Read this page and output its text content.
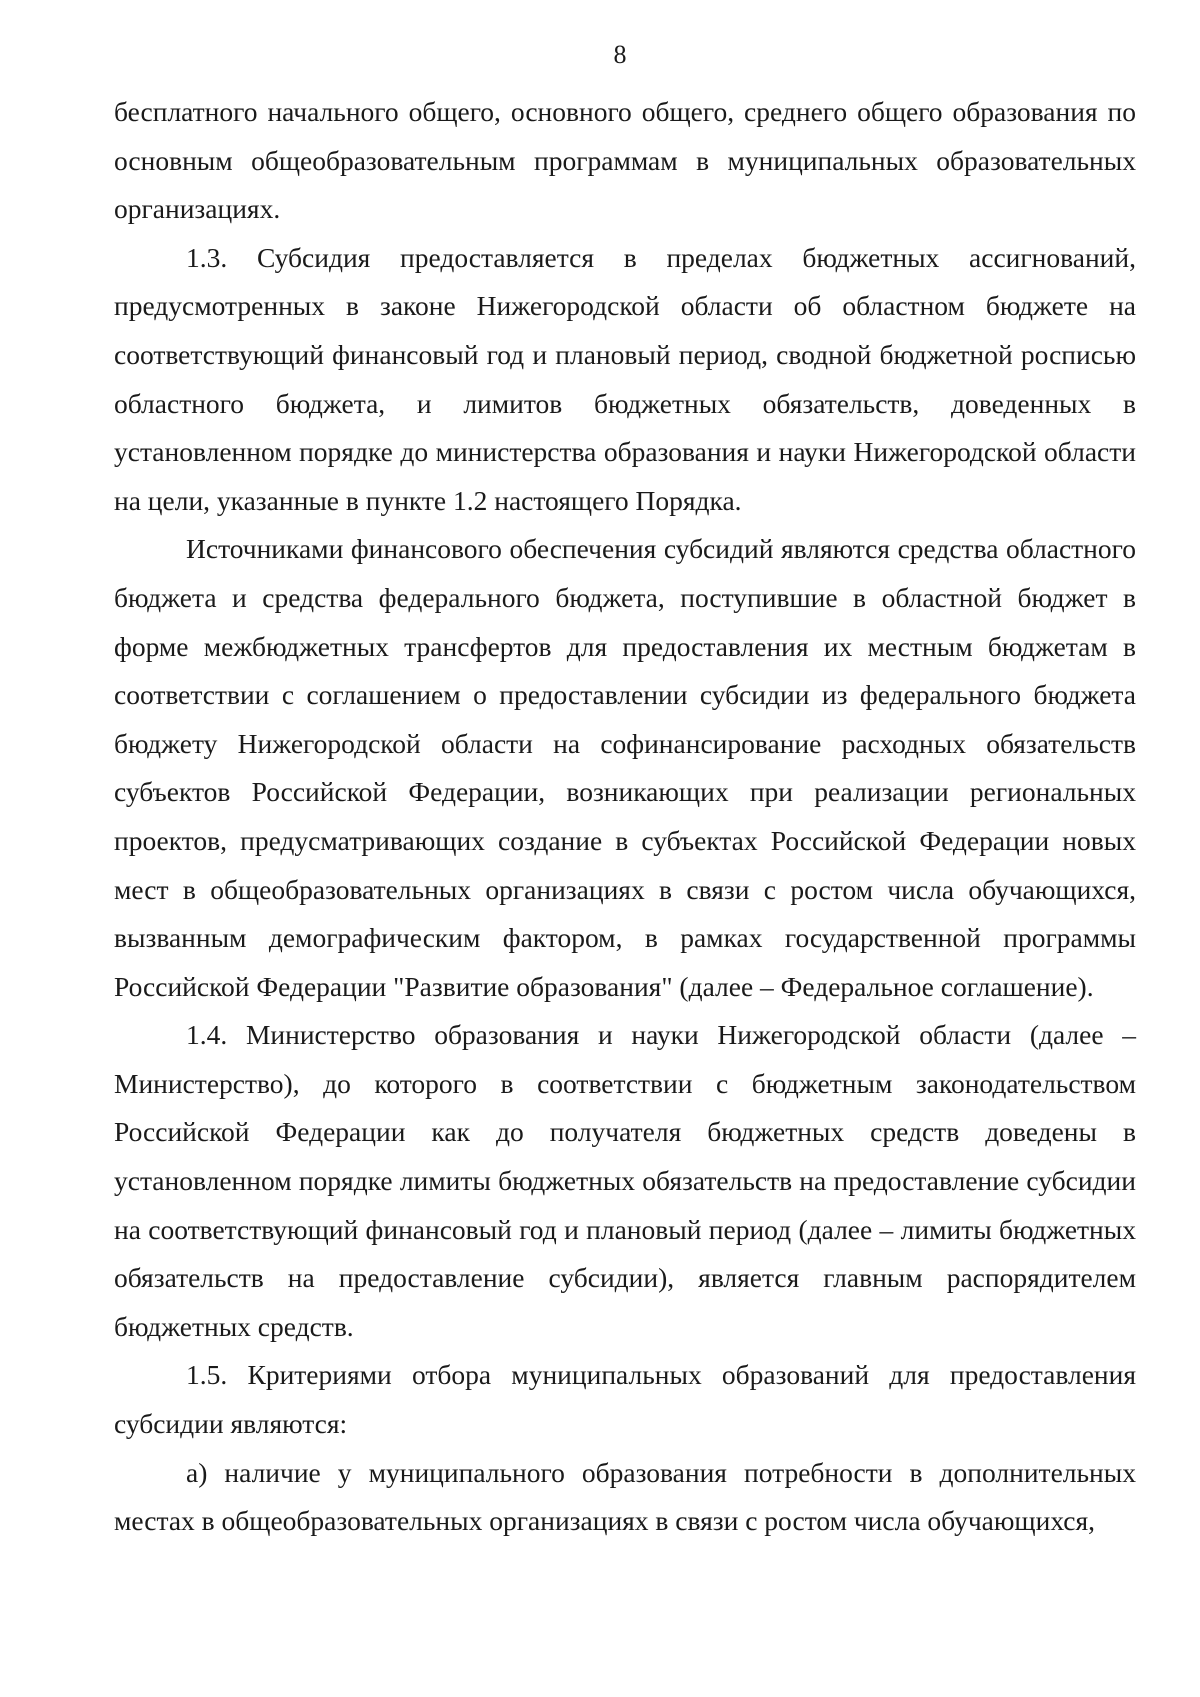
8

бесплатного начального общего, основного общего, среднего общего образования по основным общеобразовательным программам в муниципальных образовательных организациях.

1.3. Субсидия предоставляется в пределах бюджетных ассигнований, предусмотренных в законе Нижегородской области об областном бюджете на соответствующий финансовый год и плановый период, сводной бюджетной росписью областного бюджета, и лимитов бюджетных обязательств, доведенных в установленном порядке до министерства образования и науки Нижегородской области на цели, указанные в пункте 1.2 настоящего Порядка.

Источниками финансового обеспечения субсидий являются средства областного бюджета и средства федерального бюджета, поступившие в областной бюджет в форме межбюджетных трансфертов для предоставления их местным бюджетам в соответствии с соглашением о предоставлении субсидии из федерального бюджета бюджету Нижегородской области на софинансирование расходных обязательств субъектов Российской Федерации, возникающих при реализации региональных проектов, предусматривающих создание в субъектах Российской Федерации новых мест в общеобразовательных организациях в связи с ростом числа обучающихся, вызванным демографическим фактором, в рамках государственной программы Российской Федерации "Развитие образования" (далее – Федеральное соглашение).

1.4. Министерство образования и науки Нижегородской области (далее – Министерство), до которого в соответствии с бюджетным законодательством Российской Федерации как до получателя бюджетных средств доведены в установленном порядке лимиты бюджетных обязательств на предоставление субсидии на соответствующий финансовый год и плановый период (далее – лимиты бюджетных обязательств на предоставление субсидии), является главным распорядителем бюджетных средств.

1.5. Критериями отбора муниципальных образований для предоставления субсидии являются:

а) наличие у муниципального образования потребности в дополнительных местах в общеобразовательных организациях в связи с ростом числа обучающихся,
